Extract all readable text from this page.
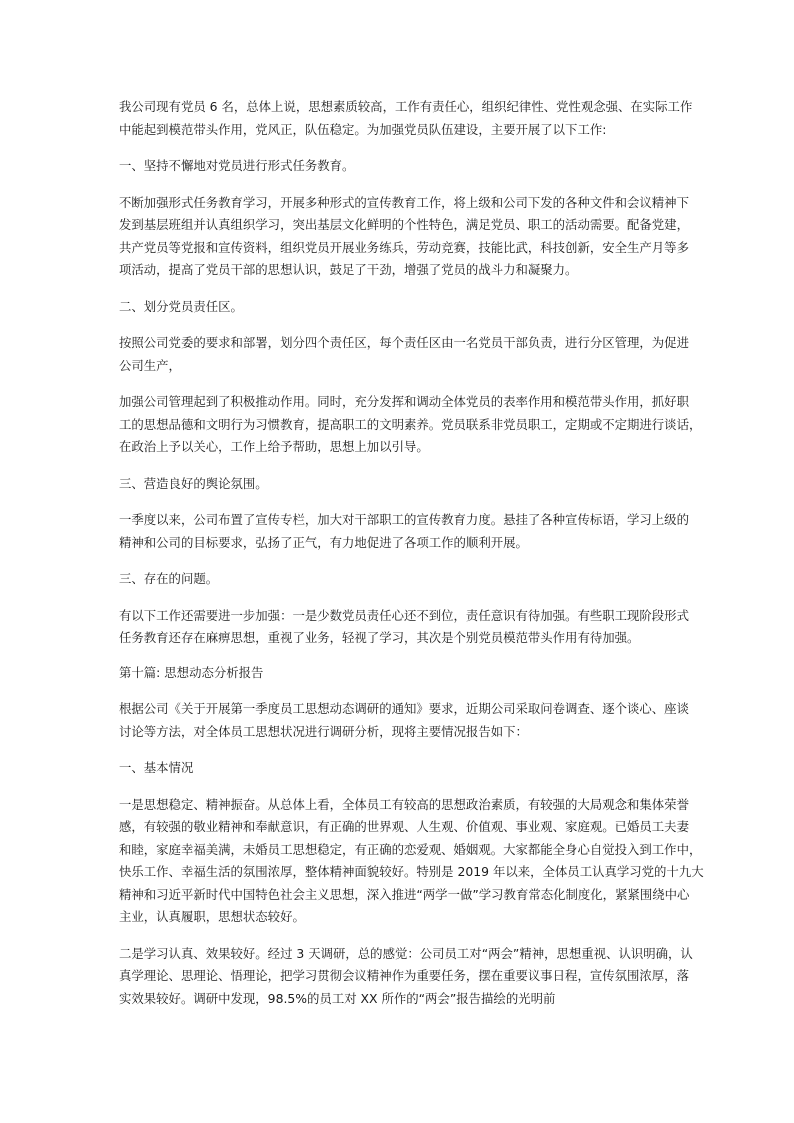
我公司现有党员 6 名，总体上说，思想素质较高，工作有责任心，组织纪律性、党性观念强、在实际工作
中能起到模范带头作用，党风正，队伍稳定。为加强党员队伍建设，主要开展了以下工作:

一、坚持不懈地对党员进行形式任务教育。

不断加强形式任务教育学习，开展多种形式的宣传教育工作，将上级和公司下发的各种文件和会议精神下
发到基层班组并认真组织学习，突出基层文化鲜明的个性特色，满足党员、职工的活动需要。配备党建，
共产党员等党报和宣传资料，组织党员开展业务练兵，劳动竞赛，技能比武，科技创新，安全生产月等多
项活动，提高了党员干部的思想认识，鼓足了干劲，增强了党员的战斗力和凝聚力。

二、划分党员责任区。

按照公司党委的要求和部署，划分四个责任区，每个责任区由一名党员干部负责，进行分区管理，为促进
公司生产，

加强公司管理起到了积极推动作用。同时，充分发挥和调动全体党员的表率作用和模范带头作用，抓好职
工的思想品德和文明行为习惯教育，提高职工的文明素养。党员联系非党员职工，定期或不定期进行谈话，
在政治上予以关心，工作上给予帮助，思想上加以引导。

三、营造良好的舆论氛围。

一季度以来，公司布置了宣传专栏，加大对干部职工的宣传教育力度。悬挂了各种宣传标语，学习上级的
精神和公司的目标要求，弘扬了正气，有力地促进了各项工作的顺利开展。

三、存在的问题。

有以下工作还需要进一步加强：一是少数党员责任心还不到位，责任意识有待加强。有些职工现阶段形式
任务教育还存在麻痹思想，重视了业务，轻视了学习，其次是个别党员模范带头作用有待加强。

第十篇: 思想动态分析报告

根据公司《关于开展第一季度员工思想动态调研的通知》要求，近期公司采取问卷调查、逐个谈心、座谈
讨论等方法，对全体员工思想状况进行调研分析，现将主要情况报告如下：

一、基本情况

一是思想稳定、精神振奋。从总体上看，全体员工有较高的思想政治素质，有较强的大局观念和集体荣誉
感，有较强的敬业精神和奉献意识，有正确的世界观、人生观、价值观、事业观、家庭观。已婚员工夫妻
和睦，家庭幸福美满，未婚员工思想稳定，有正确的恋爱观、婚姻观。大家都能全身心自觉投入到工作中，
快乐工作、幸福生活的氛围浓厚，整体精神面貌较好。特别是 2019 年以来，全体员工认真学习党的十九大
精神和习近平新时代中国特色社会主义思想，深入推进“两学一做”学习教育常态化制度化，紧紧围绕中心
主业，认真履职，思想状态较好。

二是学习认真、效果较好。经过 3 天调研，总的感觉：公司员工对“两会”精神，思想重视、认识明确，认
真学理论、思理论、悟理论，把学习贯彻会议精神作为重要任务，摆在重要议事日程，宣传氛围浓厚，落
实效果较好。调研中发现，98.5%的员工对 XX 所作的“两会”报告描绘的光明前
